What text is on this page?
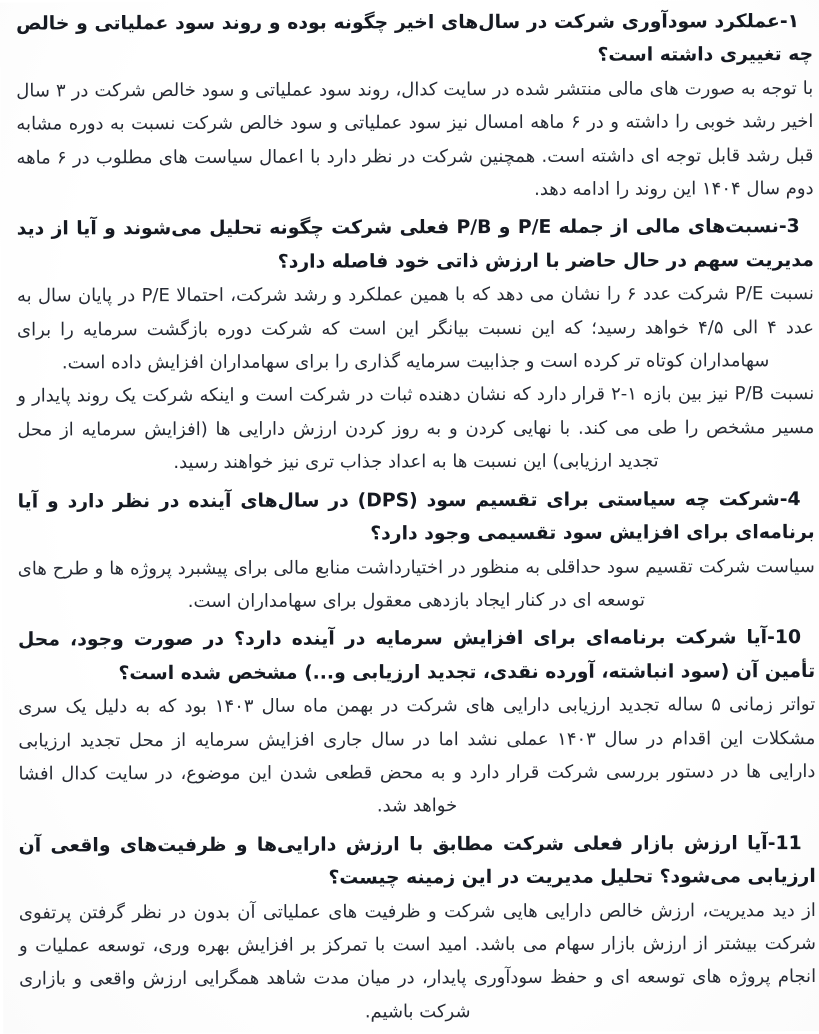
۱-عملکرد سودآوری شرکت در سال‌های اخیر چگونه بوده و روند سود عملیاتی و خالص چه تغییری داشته است؟

با توجه به صورت های مالی منتشر شده در سایت کدال، روند سود عملیاتی و سود خالص شرکت در ۳ سال اخیر رشد خوبی را داشته و در ۶ ماهه امسال نیز سود عملیاتی و سود خالص شرکت نسبت به دوره مشابه قبل رشد قابل توجه ای داشته است. همچنین شرکت در نظر دارد با اعمال سیاست های مطلوب در ۶ ماهه دوم سال ۱۴۰۴ این روند را ادامه دهد.

3-نسبت‌های مالی از جمله P/E و P/B فعلی شرکت چگونه تحلیل می‌شوند و آیا از دید مدیریت سهم در حال حاضر با ارزش ذاتی خود فاصله دارد؟

نسبت P/E شرکت عدد ۶ را نشان می دهد که با همین عملکرد و رشد شرکت، احتمالا P/E در پایان سال به عدد ۴ الی ۴/۵ خواهد رسید؛ که این نسبت بیانگر این است که شرکت دوره بازگشت سرمایه را برای سهامداران کوتاه تر کرده است و جذابیت سرمایه گذاری را برای سهامداران افزایش داده است.

نسبت P/B نیز بین بازه ۱-۲ قرار دارد که نشان دهنده ثبات در شرکت است و اینکه شرکت یک روند پایدار و مسیر مشخص را طی می کند. با نهایی کردن و به روز کردن ارزش دارایی ها (افزایش سرمایه از محل تجدید ارزیابی) این نسبت ها به اعداد جذاب تری نیز خواهند رسید.

4-شرکت چه سیاستی برای تقسیم سود (DPS) در سال‌های آینده در نظر دارد و آیا برنامه‌ای برای افزایش سود تقسیمی وجود دارد؟

سیاست شرکت تقسیم سود حداقلی به منظور در اختیارداشت منابع مالی برای پیشبرد پروژه ها و طرح های توسعه ای در کنار ایجاد بازدهی معقول برای سهامداران است.

10-آیا شرکت برنامه‌ای برای افزایش سرمایه در آینده دارد؟ در صورت وجود، محل تأمین آن (سود انباشته، آورده نقدی، تجدید ارزیابی و...) مشخص شده است؟

تواتر زمانی ۵ ساله تجدید ارزیابی دارایی های شرکت در بهمن ماه سال ۱۴۰۳ بود که به دلیل یک سری مشکلات این اقدام در سال ۱۴۰۳ عملی نشد اما در سال جاری افزایش سرمایه از محل تجدید ارزیابی دارایی ها در دستور بررسی شرکت قرار دارد و به محض قطعی شدن این موضوع، در سایت کدال افشا خواهد شد.

11-آیا ارزش بازار فعلی شرکت مطابق با ارزش دارایی‌ها و ظرفیت‌های واقعی آن ارزیابی می‌شود؟ تحلیل مدیریت در این زمینه چیست؟

از دید مدیریت، ارزش خالص دارایی هایی شرکت و ظرفیت های عملیاتی آن بدون در نظر گرفتن پرتفوی شرکت بیشتر از ارزش بازار سهام می باشد. امید است با تمرکز بر افزایش بهره وری، توسعه عملیات و انجام پروژه های توسعه ای و حفظ سودآوری پایدار، در میان مدت شاهد همگرایی ارزش واقعی و بازاری شرکت باشیم.
